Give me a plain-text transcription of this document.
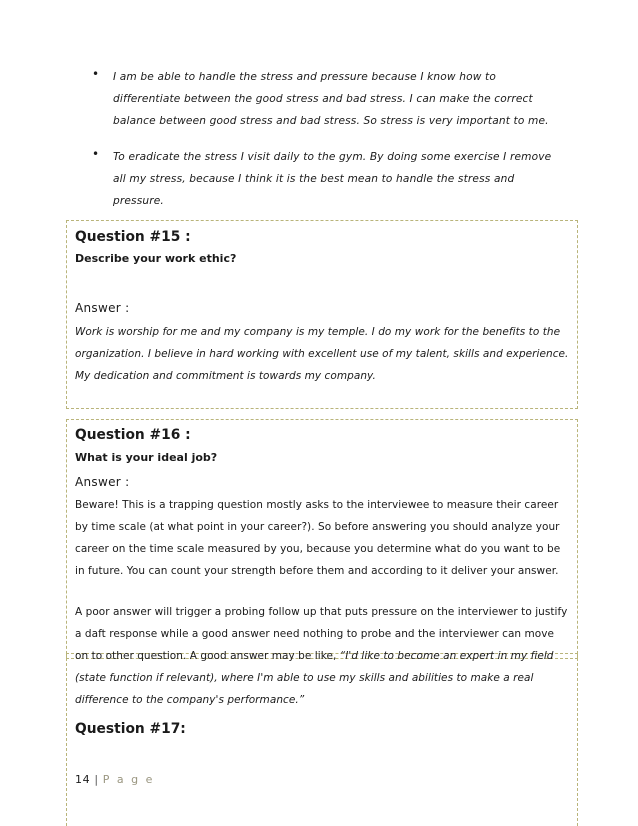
• I am be able to handle the stress and pressure because I know how to differentiate between the good stress and bad stress. I can make the correct balance between good stress and bad stress. So stress is very important to me.
• To eradicate the stress I visit daily to the gym. By doing some exercise I remove all my stress, because I think it is the best mean to handle the stress and pressure.
Question #15 :
Describe your work ethic?
Answer :
Work is worship for me and my company is my temple. I do my work for the benefits to the organization. I believe in hard working with excellent use of my talent, skills and experience. My dedication and commitment is towards my company.
Question #16 :
What is your ideal job?
Answer :
Beware! This is a trapping question mostly asks to the interviewee to measure their career by time scale (at what point in your career?). So before answering you should analyze your career on the time scale measured by you, because you determine what do you want to be in future. You can count your strength before them and according to it deliver your answer.
A poor answer will trigger a probing follow up that puts pressure on the interviewer to justify a daft response while a good answer need nothing to probe and the interviewer can move on to other question. A good answer may be like, “I'd like to become an expert in my field (state function if relevant), where I'm able to use my skills and abilities to make a real difference to the company's performance.”
Question #17:
14 | P a g e
